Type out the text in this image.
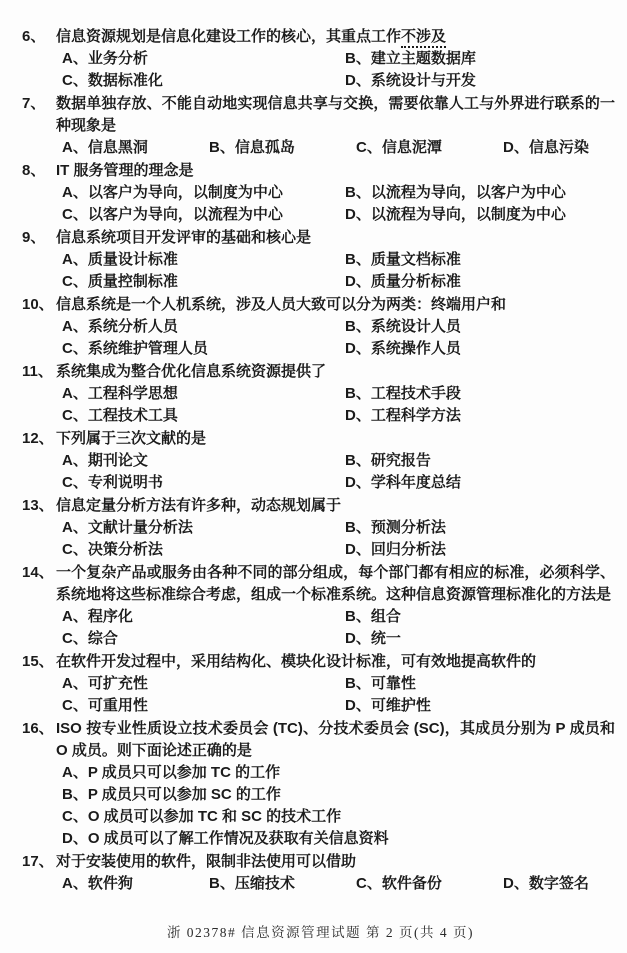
6、 信息资源规划是信息化建设工作的核心，其重点工作不涉及
A、业务分析	B、建立主题数据库
C、数据标准化	D、系统设计与开发
7、 数据单独存放、不能自动地实现信息共享与交换，需要依靠人工与外界进行联系的一种现象是
A、信息黑洞	B、信息孤岛	C、信息泥潭	D、信息污染
8、 IT 服务管理的理念是
A、以客户为导向，以制度为中心	B、以流程为导向，以客户为中心
C、以客户为导向，以流程为中心	D、以流程为导向，以制度为中心
9、 信息系统项目开发评审的基础和核心是
A、质量设计标准	B、质量文档标准
C、质量控制标准	D、质量分析标准
10、 信息系统是一个人机系统，涉及人员大致可以分为两类：终端用户和
A、系统分析人员	B、系统设计人员
C、系统维护管理人员	D、系统操作人员
11、 系统集成为整合优化信息系统资源提供了
A、工程科学思想	B、工程技术手段
C、工程技术工具	D、工程科学方法
12、 下列属于三次文献的是
A、期刊论文	B、研究报告
C、专利说明书	D、学科年度总结
13、 信息定量分析方法有许多种，动态规划属于
A、文献计量分析法	B、预测分析法
C、决策分析法	D、回归分析法
14、 一个复杂产品或服务由各种不同的部分组成，每个部门都有相应的标准，必须科学、系统地将这些标准综合考虑，组成一个标准系统。这种信息资源管理标准化的方法是
A、程序化	B、组合
C、综合	D、统一
15、 在软件开发过程中，采用结构化、模块化设计标准，可有效地提高软件的
A、可扩充性	B、可靠性
C、可重用性	D、可维护性
16、 ISO 按专业性质设立技术委员会 (TC)、分技术委员会 (SC)，其成员分别为 P 成员和 O 成员。则下面论述正确的是
A、P 成员只可以参加 TC 的工作
B、P 成员只可以参加 SC 的工作
C、O 成员可以参加 TC 和 SC 的技术工作
D、O 成员可以了解工作情况及获取有关信息资料
17、 对于安装使用的软件，限制非法使用可以借助
A、软件狗	B、压缩技术	C、软件备份	D、数字签名
浙 02378# 信息资源管理试题 第 2 页(共 4 页)
